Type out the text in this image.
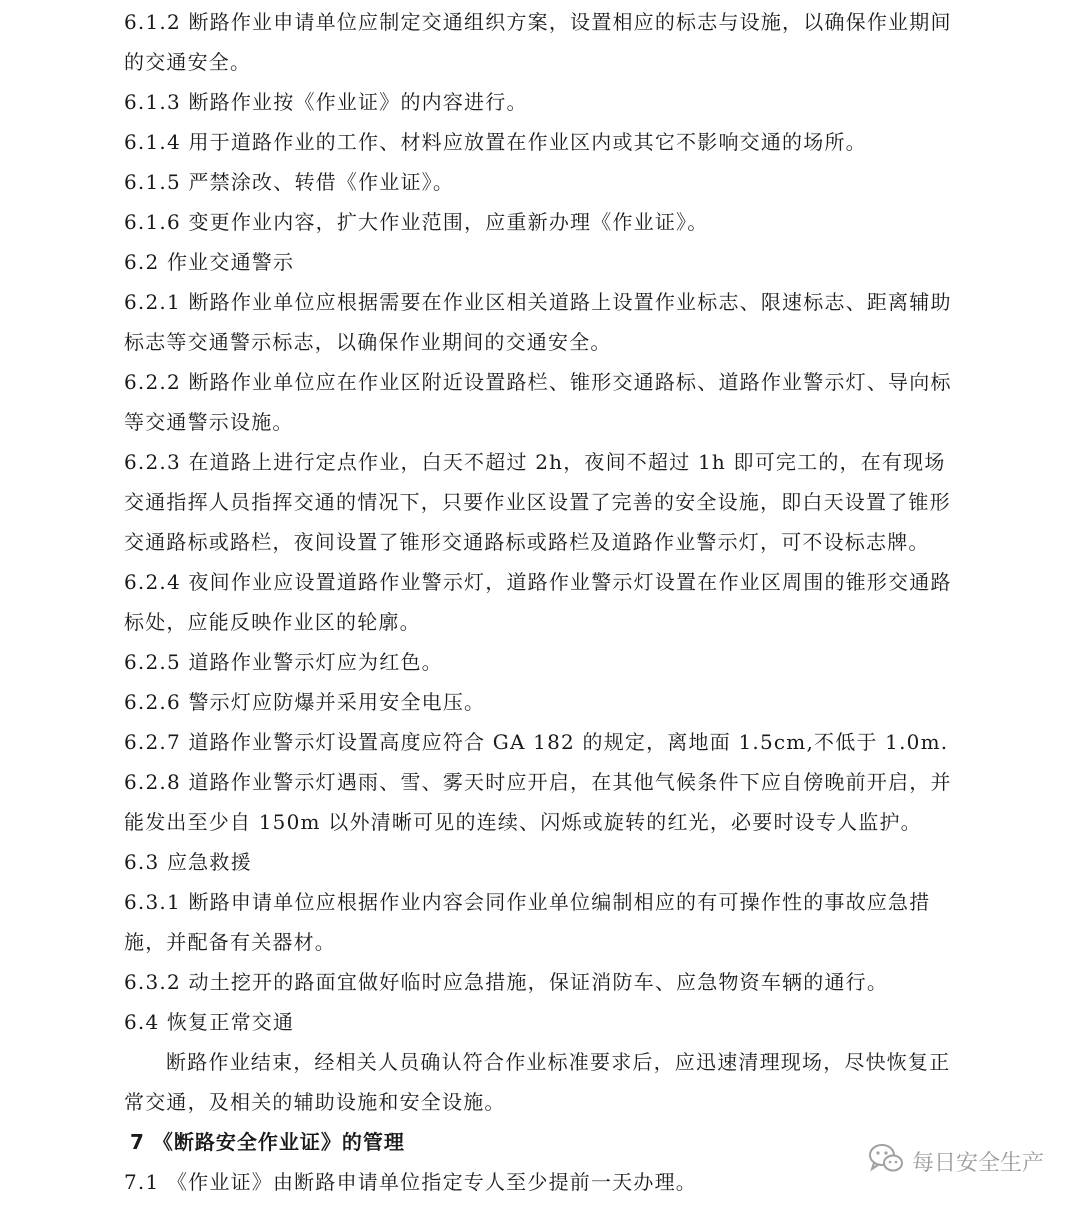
6.1.2 断路作业申请单位应制定交通组织方案，设置相应的标志与设施，以确保作业期间的交通安全。

6.1.3 断路作业按《作业证》的内容进行。

6.1.4 用于道路作业的工作、材料应放置在作业区内或其它不影响交通的场所。

6.1.5 严禁涂改、转借《作业证》。

6.1.6 变更作业内容，扩大作业范围，应重新办理《作业证》。

6.2 作业交通警示

6.2.1 断路作业单位应根据需要在作业区相关道路上设置作业标志、限速标志、距离辅助标志等交通警示标志，以确保作业期间的交通安全。

6.2.2 断路作业单位应在作业区附近设置路栏、锥形交通路标、道路作业警示灯、导向标等交通警示设施。

6.2.3 在道路上进行定点作业，白天不超过 2h，夜间不超过 1h 即可完工的，在有现场交通指挥人员指挥交通的情况下，只要作业区设置了完善的安全设施，即白天设置了锥形交通路标或路栏，夜间设置了锥形交通路标或路栏及道路作业警示灯，可不设标志牌。

6.2.4 夜间作业应设置道路作业警示灯，道路作业警示灯设置在作业区周围的锥形交通路标处，应能反映作业区的轮廓。

6.2.5 道路作业警示灯应为红色。

6.2.6 警示灯应防爆并采用安全电压。

6.2.7 道路作业警示灯设置高度应符合 GA 182 的规定，离地面 1.5cm,不低于 1.0m.

6.2.8 道路作业警示灯遇雨、雪、雾天时应开启，在其他气候条件下应自傍晚前开启，并能发出至少自 150m 以外清晰可见的连续、闪烁或旋转的红光，必要时设专人监护。

6.3 应急救援

6.3.1 断路申请单位应根据作业内容会同作业单位编制相应的有可操作性的事故应急措施，并配备有关器材。

6.3.2 动土挖开的路面宜做好临时应急措施，保证消防车、应急物资车辆的通行。

6.4 恢复正常交通

断路作业结束，经相关人员确认符合作业标准要求后，应迅速清理现场，尽快恢复正常交通，及相关的辅助设施和安全设施。

7 《断路安全作业证》的管理

7.1 《作业证》由断路申请单位指定专人至少提前一天办理。

每日安全生产
